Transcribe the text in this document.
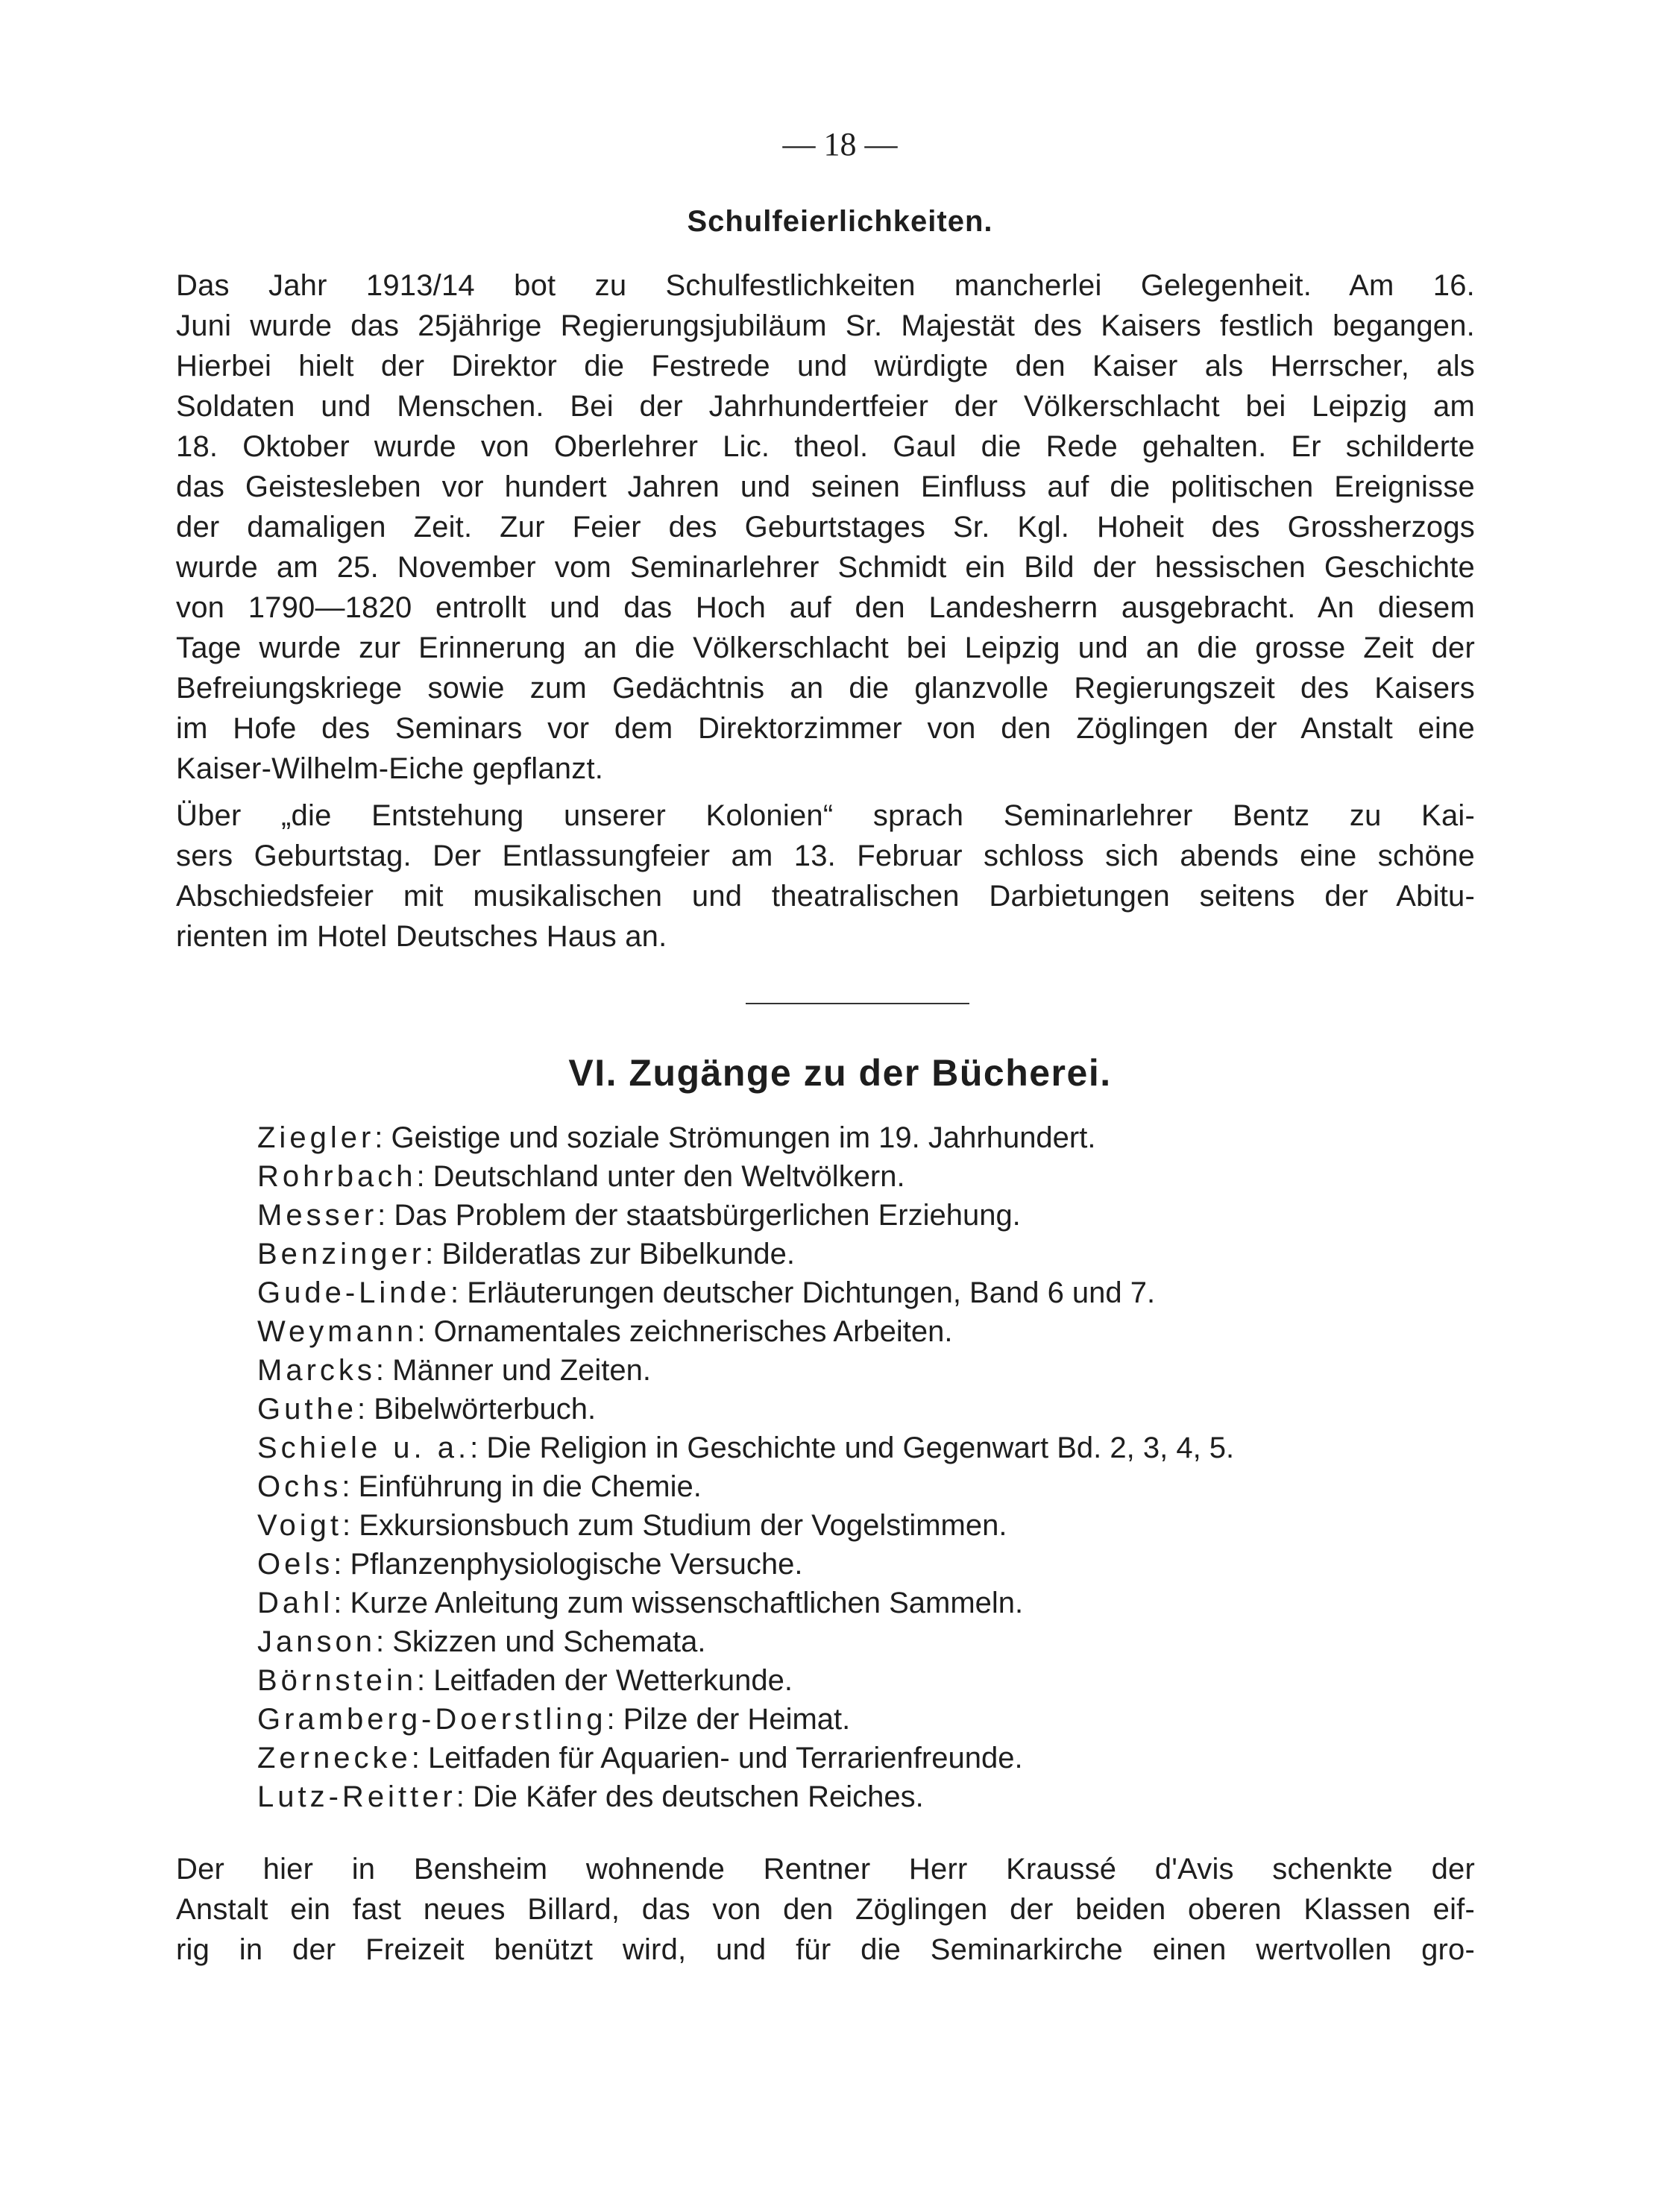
— 18 —
Schulfeierlichkeiten.
Das Jahr 1913/14 bot zu Schulfestlichkeiten mancherlei Gelegenheit. Am 16.
Juni wurde das 25jährige Regierungsjubiläum Sr. Majestät des Kaisers festlich begangen.
Hierbei hielt der Direktor die Festrede und würdigte den Kaiser als Herrscher, als
Soldaten und Menschen. Bei der Jahrhundertfeier der Völkerschlacht bei Leipzig am
18. Oktober wurde von Oberlehrer Lic. theol. Gaul die Rede gehalten. Er schilderte
das Geistesleben vor hundert Jahren und seinen Einfluss auf die politischen Ereignisse
der damaligen Zeit. Zur Feier des Geburtstages Sr. Kgl. Hoheit des Grossherzogs
wurde am 25. November vom Seminarlehrer Schmidt ein Bild der hessischen Geschichte
von 1790—1820 entrollt und das Hoch auf den Landesherrn ausgebracht. An diesem
Tage wurde zur Erinnerung an die Völkerschlacht bei Leipzig und an die grosse Zeit der
Befreiungskriege sowie zum Gedächtnis an die glanzvolle Regierungszeit des Kaisers
im Hofe des Seminars vor dem Direktorzimmer von den Zöglingen der Anstalt eine
Kaiser-Wilhelm-Eiche gepflanzt.
Über „die Entstehung unserer Kolonien“ sprach Seminarlehrer Bentz zu Kai-
sers Geburtstag. Der Entlassungfeier am 13. Februar schloss sich abends eine schöne
Abschiedsfeier mit musikalischen und theatralischen Darbietungen seitens der Abitu-
rienten im Hotel Deutsches Haus an.
VI. Zugänge zu der Bücherei.
Ziegler: Geistige und soziale Strömungen im 19. Jahrhundert.
Rohrbach: Deutschland unter den Weltvölkern.
Messer: Das Problem der staatsbürgerlichen Erziehung.
Benzinger: Bilderatlas zur Bibelkunde.
Gude-Linde: Erläuterungen deutscher Dichtungen, Band 6 und 7.
Weymann: Ornamentales zeichnerisches Arbeiten.
Marcks: Männer und Zeiten.
Guthe: Bibelwörterbuch.
Schiele u. a.: Die Religion in Geschichte und Gegenwart Bd. 2, 3, 4, 5.
Ochs: Einführung in die Chemie.
Voigt: Exkursionsbuch zum Studium der Vogelstimmen.
Oels: Pflanzenphysiologische Versuche.
Dahl: Kurze Anleitung zum wissenschaftlichen Sammeln.
Janson: Skizzen und Schemata.
Börnstein: Leitfaden der Wetterkunde.
Gramberg-Doerstling: Pilze der Heimat.
Zernecke: Leitfaden für Aquarien- und Terrarienfreunde.
Lutz-Reitter: Die Käfer des deutschen Reiches.
Der hier in Bensheim wohnende Rentner Herr Kraussé d'Avis schenkte der
Anstalt ein fast neues Billard, das von den Zöglingen der beiden oberen Klassen eif-
rig in der Freizeit benützt wird, und für die Seminarkirche einen wertvollen gro-
